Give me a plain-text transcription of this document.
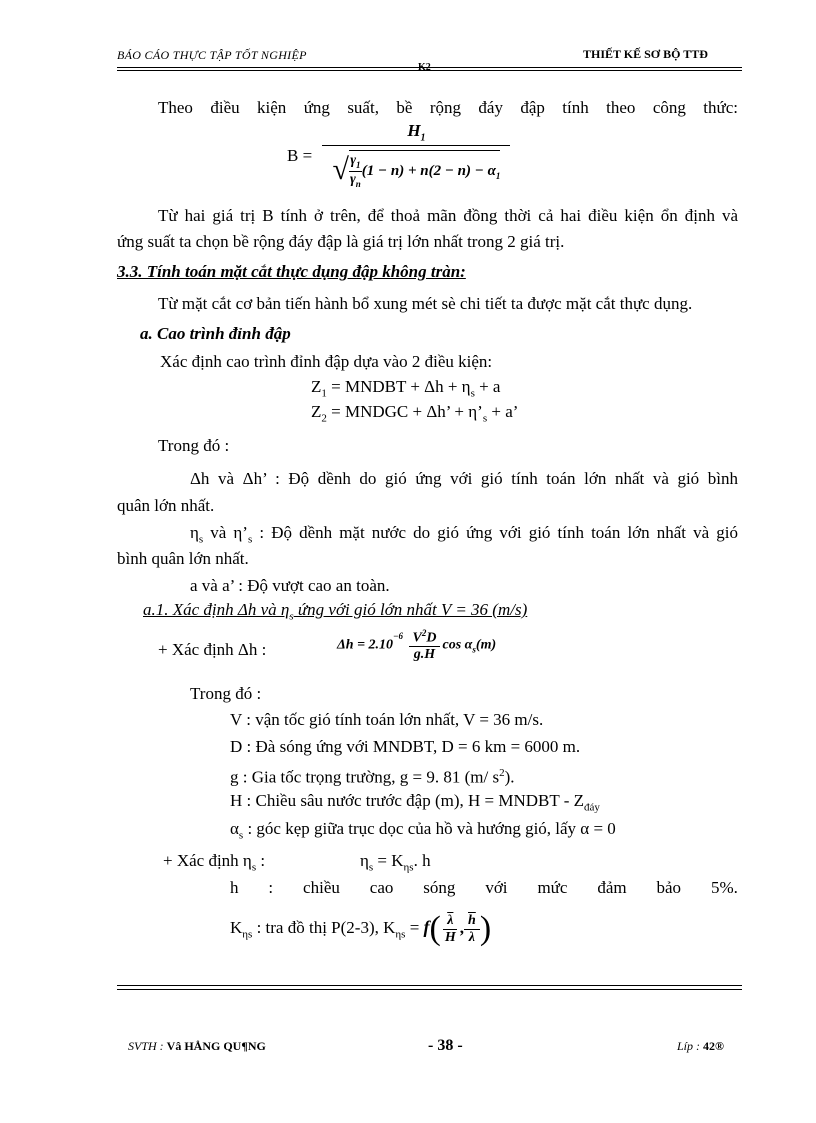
BÁO CÁO THỰC TẬP TỐT NGHIỆP	THIẾT KẾ SƠ BỘ TTĐ
K2
Theo điều kiện ứng suất, bề rộng đáy đập tính theo công thức:
$B = \frac{H_1}{√ \frac{\gamma_1}{\gamma_n} (1 - n) + n(2 - n) - \alpha_1}$
Từ hai giá trị B tính ở trên, để thoả mãn đồng thời cả hai điều kiện ổn định và
ứng suất ta chọn bề rộng đáy đập là giá trị lớn nhất trong 2 giá trị.
3.3. Tính toán mặt cắt thực dụng đập không tràn:
Từ mặt cắt cơ bản tiến hành bổ xung mét sè chi tiết ta được mặt cắt thực dụng.
a. Cao trình đỉnh đập
Xác định cao trình đỉnh đập dựa vào 2 điều kiện:
$Z_1$ = MNDBT + $\Delta h + \eta_s + a$
$Z_2$ = MNDGC + Δh’ + $\eta’_s + a$’
Trong đó :
Δh và Δh’ : Độ dềnh do gió ứng với gió tính toán lớn nhất và gió bình
quân lớn nhất.
$\eta_s$ và $\eta’_s$ : Độ dềnh mặt nước do gió ứng với gió tính toán lớn nhất và gió
bình quân lớn nhất.
a và a’ : Độ vượt cao an toàn.
a.1. Xác định Δh và $\eta_s$ ứng với gió lớn nhất V = 36 (m/s)
+ Xác định Δh :	$\Delta h = 2.10^{-6} \frac{V^2D}{g.H}$ $\cos \alpha_s(m)$
Trong đó :
V : vận tốc gió tính toán lớn nhất, V = 36 m/s.
D : Đà sóng ứng với MNDBT, D = 6 km = 6000 m.
g : Gia tốc trọng trường, g = 9. 81 (m/ $s^2$).
H : Chiều sâu nước trước đập (m), H = MNDBT - $Z_{đáy}$
$\alpha_s$ : góc kẹp giữa trục dọc của hồ và hướng gió, lấy α = 0
+ Xác định $\eta_s$ :	$\eta_s = K_{\eta s}$. h
h : chiều cao sóng với mức đảm bảo 5%.
$K_{\eta s}$ : tra đồ thị P(2-3), $K_{\eta s} = f( \frac{\overline{\lambda}}{H}$ , $\frac{\overline{h}}{\lambda}$ )
SVTH : Vâ HÅNG QU¶NG	- 38 -	Líp : 42®
